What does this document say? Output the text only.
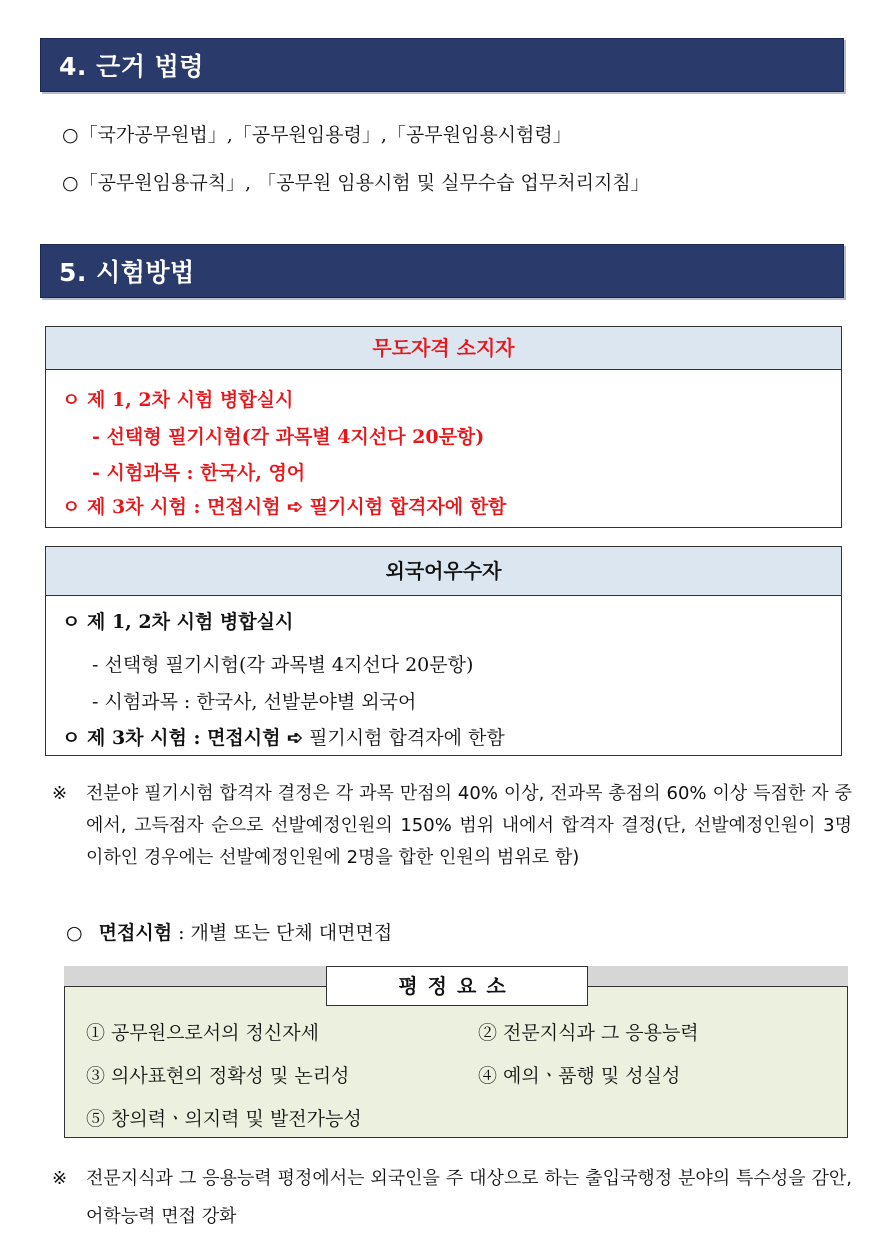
4. 근거 법령
○「국가공무원법」,「공무원임용령」,「공무원임용시험령」
○「공무원임용규칙」, 「공무원 임용시험 및 실무수습 업무처리지침」
5. 시험방법
무도자격 소지자
ㅇ 제 1, 2차 시험 병합실시
- 선택형 필기시험(각 과목별 4지선다 20문항)
- 시험과목 : 한국사, 영어
ㅇ 제 3차 시험 : 면접시험 ➪ 필기시험 합격자에 한함
외국어우수자
ㅇ 제 1, 2차 시험 병합실시
- 선택형 필기시험(각 과목별 4지선다 20문항)
- 시험과목 : 한국사, 선발분야별 외국어
ㅇ 제 3차 시험 : 면접시험 ➪ 필기시험 합격자에 한함
※ 전분야 필기시험 합격자 결정은 각 과목 만점의 40% 이상, 전과목 총점의 60% 이상 득점한 자 중에서, 고득점자 순으로 선발예정인원의 150% 범위 내에서 합격자 결정(단, 선발예정인원이 3명 이하인 경우에는 선발예정인원에 2명을 합한 인원의 범위로 함)
○ 면접시험 : 개별 또는 단체 대면면접
평정요소
① 공무원으로서의 정신자세	② 전문지식과 그 응용능력
③ 의사표현의 정확성 및 논리성	④ 예의ㆍ품행 및 성실성
⑤ 창의력ㆍ의지력 및 발전가능성
※ 전문지식과 그 응용능력 평정에서는 외국인을 주 대상으로 하는 출입국행정 분야의 특수성을 감안, 어학능력 면접 강화
